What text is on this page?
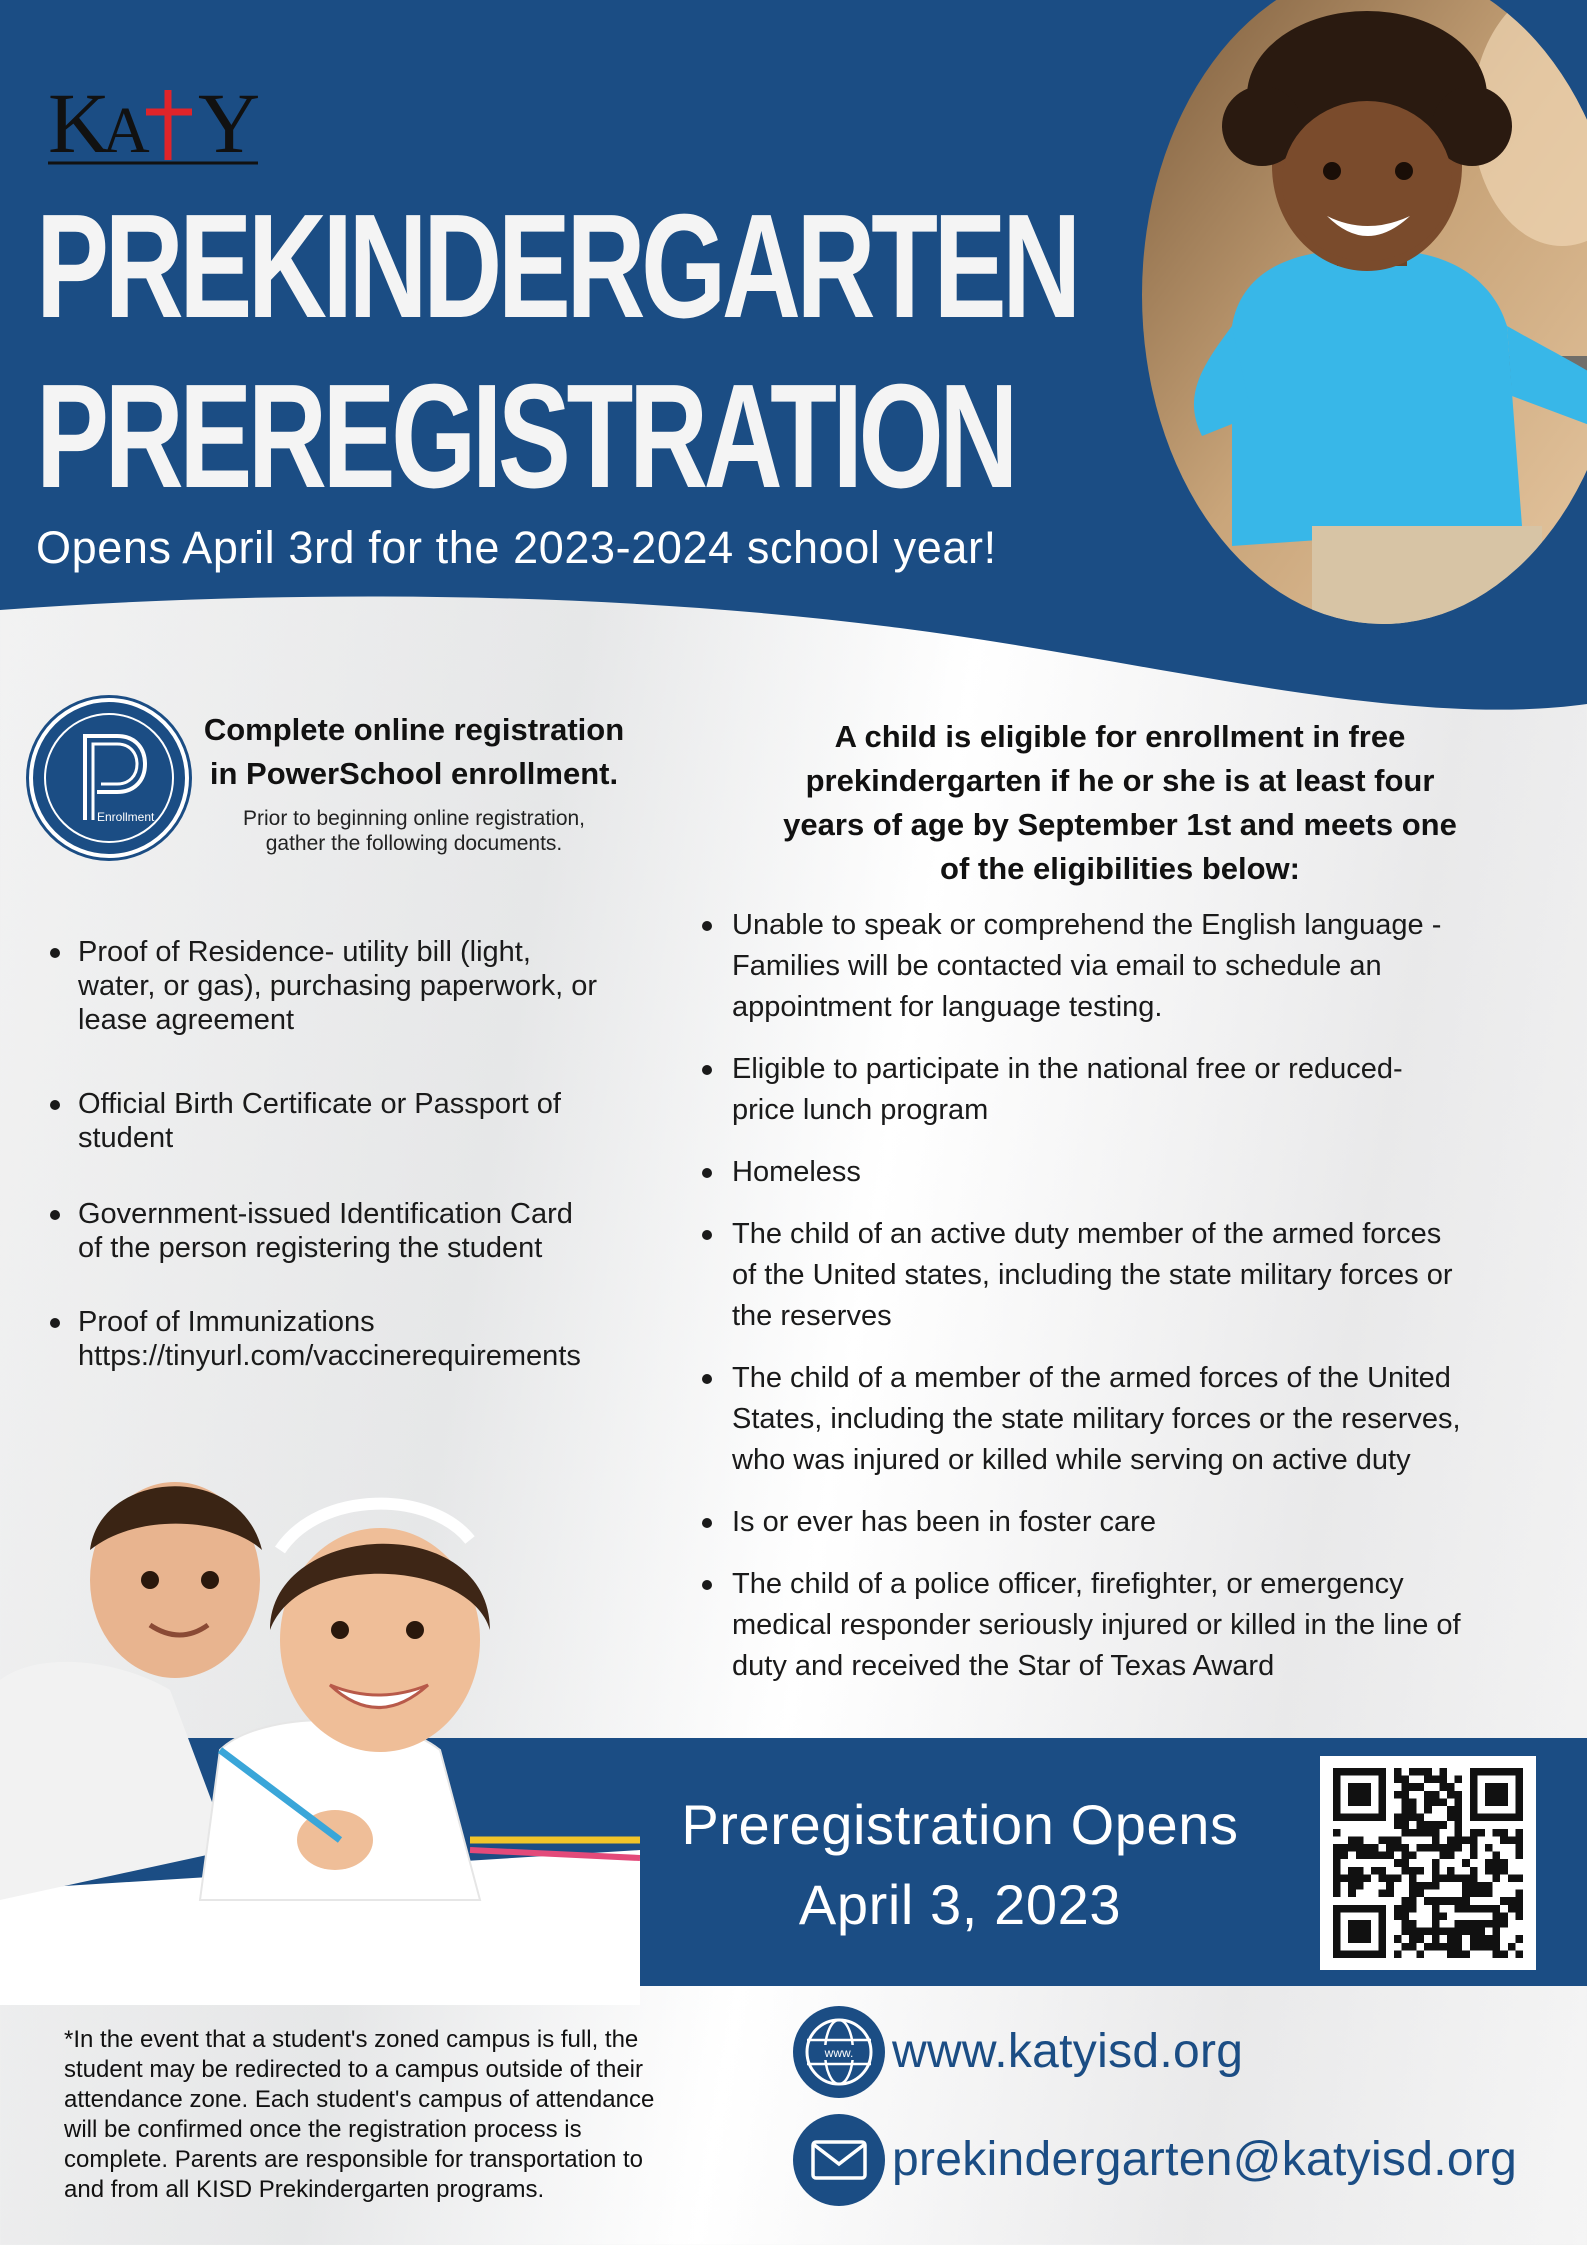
K
A Y
PREKINDERGARTEN
PREREGISTRATION
Opens April 3rd for the 2023-2024 school year!
Enrollment
Complete online registration
in PowerSchool enrollment.
Prior to beginning online registration,
gather the following documents.
Proof of Residence- utility bill (light,
water, or gas), purchasing paperwork, or
lease agreement
Official Birth Certificate or Passport of
student
Government-issued Identification Card
of the person registering the student
Proof of Immunizations
https://tinyurl.com/vaccinerequirements
A child is eligible for enrollment in free
prekindergarten if he or she is at least four
years of age by September 1st and meets one
of the eligibilities below:
Unable to speak or comprehend the English language -
Families will be contacted via email to schedule an
appointment for language testing.
Eligible to participate in the national free or reduced-
price lunch program
Homeless
The child of an active duty member of the armed forces
of the United states, including the state military forces or
the reserves
The child of a member of the armed forces of the United
States, including the state military forces or the reserves,
who was injured or killed while serving on active duty
Is or ever has been in foster care
The child of a police officer, firefighter, or emergency
medical responder seriously injured or killed in the line of
duty and received the Star of Texas Award
Preregistration Opens
April 3, 2023
*In the event that a student's zoned campus is full, the
student may be redirected to a campus outside of their
attendance zone. Each student's campus of attendance
will be confirmed once the registration process is
complete. Parents are responsible for transportation to
and from all KISD Prekindergarten programs.
www. www.katyisd.org
prekindergarten@katyisd.org
